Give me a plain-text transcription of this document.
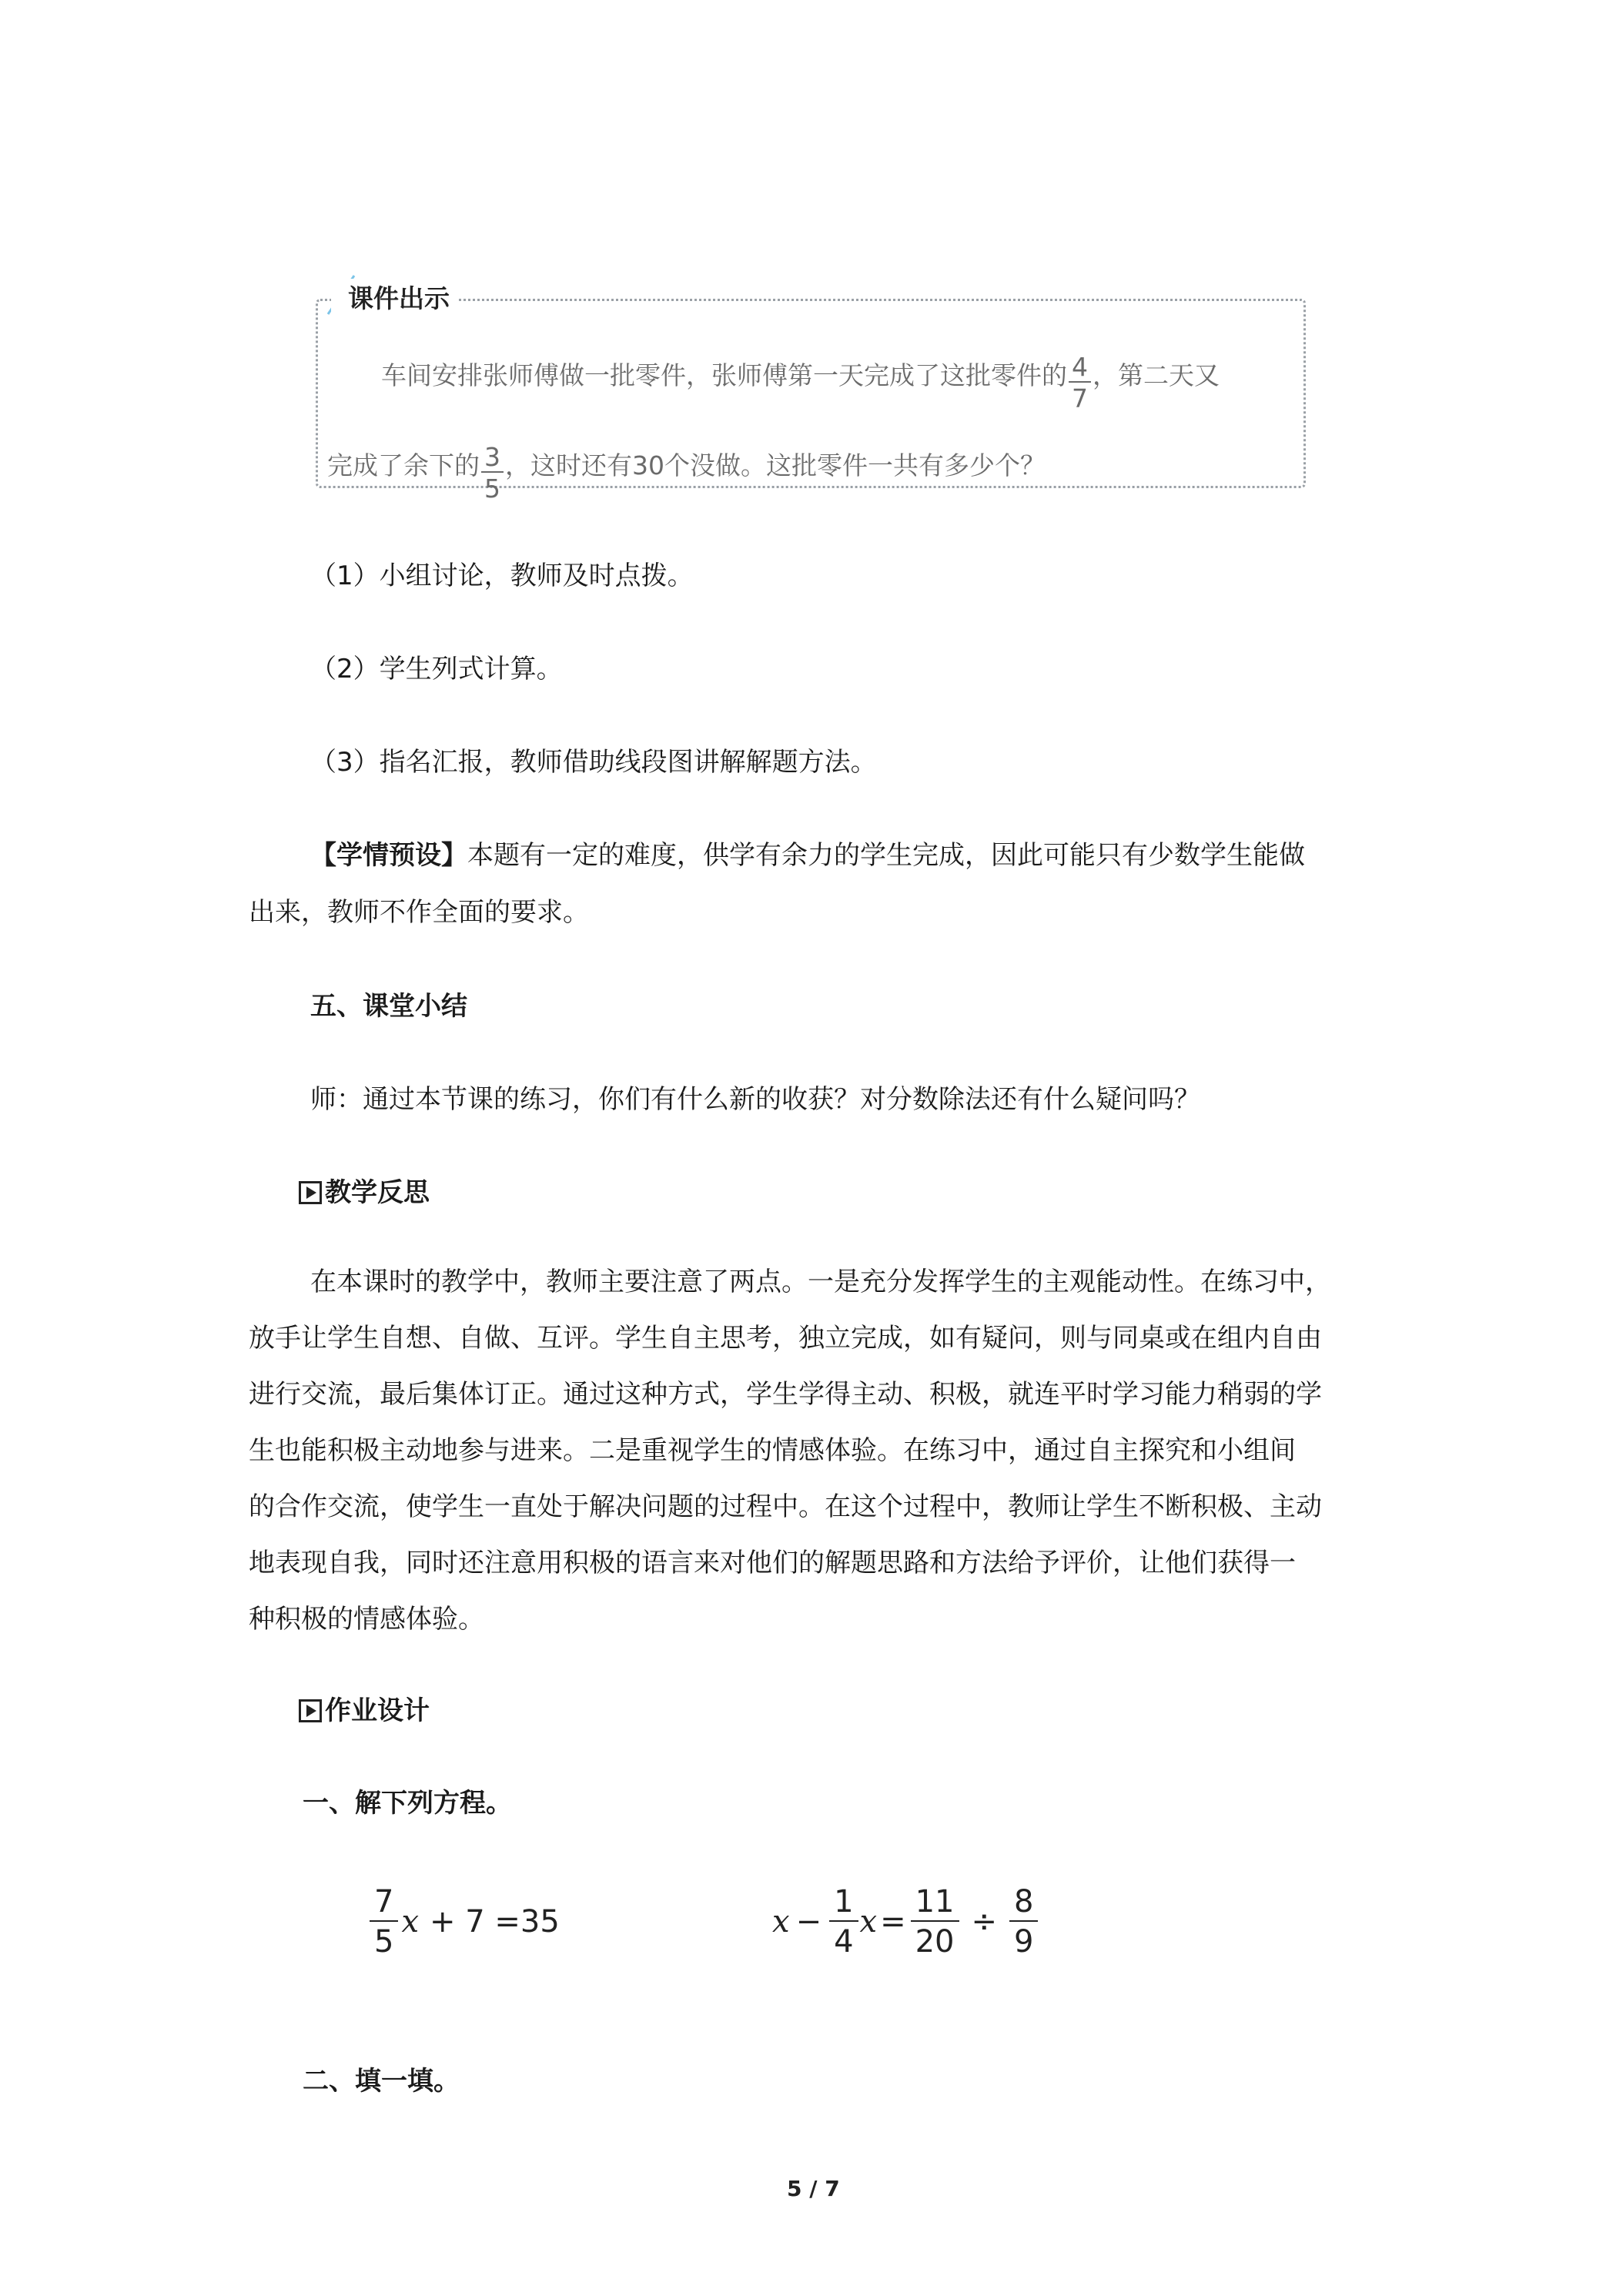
课件出示
车间安排张师傅做一批零件，张师傅第一天完成了这批零件的 $\frac{4}{7}$ ，第二天又
完成了余下的 $\frac{3}{5}$ ，这时还有30个没做。这批零件一共有多少个？
（1）小组讨论，教师及时点拨。
（2）学生列式计算。
（3）指名汇报，教师借助线段图讲解解题方法。
【学情预设】本题有一定的难度，供学有余力的学生完成，因此可能只有少数学生能做
出来，教师不作全面的要求。
五、课堂小结
师：通过本节课的练习，你们有什么新的收获？对分数除法还有什么疑问吗？
教学反思
在本课时的教学中，教师主要注意了两点。一是充分发挥学生的主观能动性。在练习中，
放手让学生自想、自做、互评。学生自主思考，独立完成，如有疑问，则与同桌或在组内自由
进行交流，最后集体订正。通过这种方式，学生学得主动、积极，就连平时学习能力稍弱的学
生也能积极主动地参与进来。二是重视学生的情感体验。在练习中，通过自主探究和小组间
的合作交流，使学生一直处于解决问题的过程中。在这个过程中，教师让学生不断积极、主动
地表现自我，同时还注意用积极的语言来对他们的解题思路和方法给予评价，让他们获得一
种积极的情感体验。
作业设计
一、解下列方程。
$\frac{7}{5}$ x + 7 =35	$x - \frac{1}{4}$ $x = \frac{11}{20} \div \frac{8}{9}$
二、填一填。
5 / 7
